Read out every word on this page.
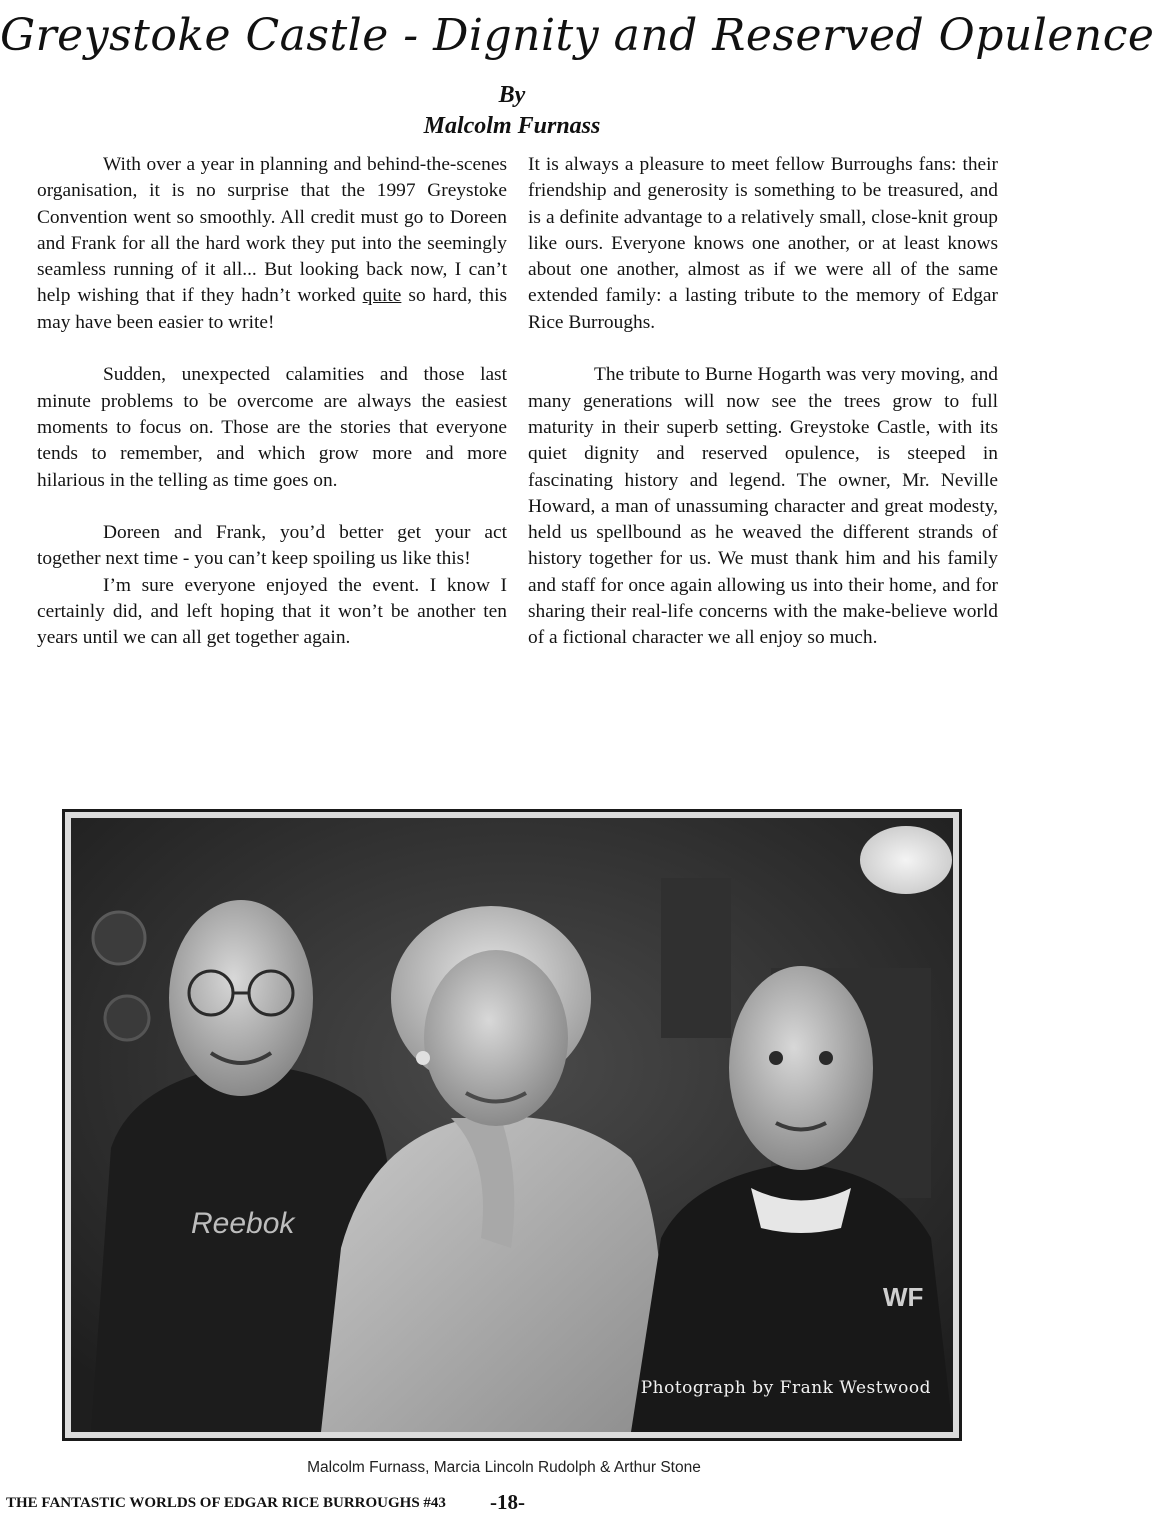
Greystoke Castle - Dignity and Reserved Opulence
By
Malcolm Furnass

With over a year in planning and behind-the-scenes organisation, it is no surprise that the 1997 Greystoke Convention went so smoothly. All credit must go to Doreen and Frank for all the hard work they put into the seemingly seamless running of it all... But looking back now, I can’t help wishing that if they hadn’t worked quite so hard, this may have been easier to write!

Sudden, unexpected calamities and those last minute problems to be overcome are always the easiest moments to focus on. Those are the stories that everyone tends to remember, and which grow more and more hilarious in the telling as time goes on.

Doreen and Frank, you’d better get your act together next time - you can’t keep spoiling us like this!

I’m sure everyone enjoyed the event. I know I certainly did, and left hoping that it won’t be another ten years until we can all get together again.

It is always a pleasure to meet fellow Burroughs fans: their friendship and generosity is something to be treasured, and is a definite advantage to a relatively small, close-knit group like ours. Everyone knows one another, or at least knows about one another, almost as if we were all of the same extended family: a lasting tribute to the memory of Edgar Rice Burroughs.

The tribute to Burne Hogarth was very moving, and many generations will now see the trees grow to full maturity in their superb setting. Greystoke Castle, with its quiet dignity and reserved opulence, is steeped in fascinating history and legend. The owner, Mr. Neville Howard, a man of unassuming character and great modesty, held us spellbound as he weaved the different strands of history together for us. We must thank him and his family and staff for once again allowing us into their home, and for sharing their real-life concerns with the make-believe world of a fictional character we all enjoy so much.

Reebok
WF
Photograph by Frank Westwood
Malcolm Furnass, Marcia Lincoln Rudolph & Arthur Stone
THE FANTASTIC WORLDS OF EDGAR RICE BURROUGHS #43 -18-
